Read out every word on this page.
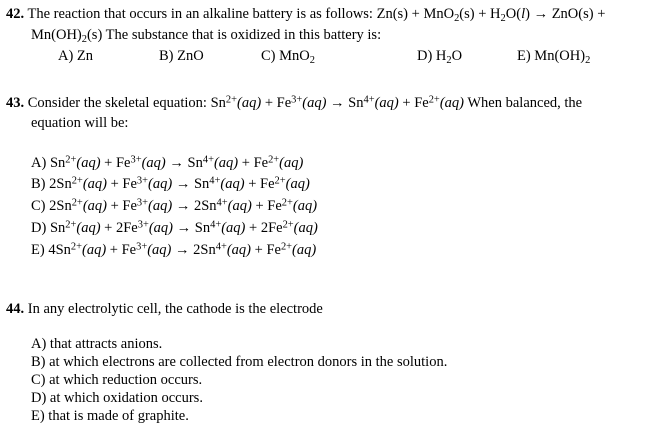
42. The reaction that occurs in an alkaline battery is as follows: $Zn(s) + MnO_2(s) + H_2O(l) \to ZnO(s)$ +
$Mn(OH)_2(s)$ The substance that is oxidized in this battery is:
A) Zn	B) ZnO	C) MnO$_2$	D) $H_2O$	E) $Mn(OH)_2$
43. Consider the skeletal equation: $Sn^{2+}(aq) + Fe^{3+}(aq) \to Sn^{4+}(aq) + Fe^{2+}(aq)$ When balanced, the
equation will be:
A) $Sn^{2+}(aq) + Fe^{3+}(aq) \to Sn^{4+}(aq) + Fe^{2+}(aq)$
B) $2Sn^{2+}(aq) + Fe^{3+}(aq) \to Sn^{4+}(aq) + Fe^{2+}(aq)$
C) $2Sn^{2+}(aq) + Fe^{3+}(aq) \to 2Sn^{4+}(aq) + Fe^{2+}(aq)$
D) $Sn^{2+}(aq) + 2Fe^{3+}(aq) \to Sn^{4+}(aq) + 2Fe^{2+}(aq)$
E) $4Sn^{2+}(aq) + Fe^{3+}(aq) \to 2Sn^{4+}(aq) + Fe^{2+}(aq)$
44. In any electrolytic cell, the cathode is the electrode
A) that attracts anions.
B) at which electrons are collected from electron donors in the solution.
C) at which reduction occurs.
D) at which oxidation occurs.
E) that is made of graphite.
